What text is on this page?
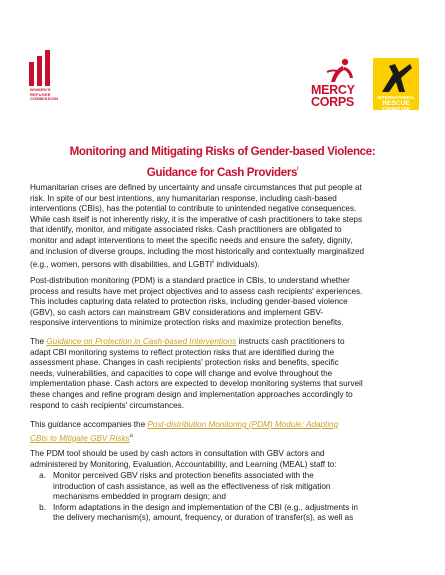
WOMEN'S
REFUGEE
COMMISSION
MERCY
CORPS	INTERNATIONAL
RESCUE
COMMITTEE
Monitoring and Mitigating Risks of Gender-based Violence:
Guidance for Cash Providers$^i$
Humanitarian crises are defined by uncertainty and unsafe circumstances that put people at
risk. In spite of our best intentions, any humanitarian response, including cash-based
interventions (CBIs), has the potential to contribute to unintended negative consequences.
While cash itself is not inherently risky, it is the imperative of cash practitioners to take steps
that identify, monitor, and mitigate associated risks. Cash practitioners are obligated to
monitor and adapt interventions to meet the specific needs and ensure the safety, dignity,
and inclusion of diverse groups, including the most historically and contextually marginalized
(e.g., women, persons with disabilities, and LGBTI$^{ii}$ individuals).
Post-distribution monitoring (PDM) is a standard practice in CBIs, to understand whether
process and results have met project objectives and to assess cash recipients' experiences.
This includes capturing data related to protection risks, including gender-based violence
(GBV), so cash actors can mainstream GBV considerations and implement GBV-
responsive interventions to minimize protection risks and maximize protection benefits.
The Guidance on Protection in Cash-based Interventions instructs cash practitioners to
adapt CBI monitoring systems to reflect protection risks that are identified during the
assessment phase. Changes in cash recipients' protection risks and benefits, specific
needs, vulnerabilities, and capacities to cope will change and evolve throughout the
implementation phase. Cash actors are expected to develop monitoring systems that surveil
these changes and refine program design and implementation approaches accordingly to
respond to cash recipients' circumstances.
This guidance accompanies the Post-distribution Monitoring (PDM) Module: Adapting
CBIs to Mitigate GBV Risks$^{iii}$
The PDM tool should be used by cash actors in consultation with GBV actors and
administered by Monitoring, Evaluation, Accountability, and Learning (MEAL) staff to:
a. Monitor perceived GBV risks and protection benefits associated with the
introduction of cash assistance, as well as the effectiveness of risk mitigation
mechanisms embedded in program design; and
b. Inform adaptations in the design and implementation of the CBI (e.g., adjustments in
the delivery mechanism(s), amount, frequency, or duration of transfer(s), as well as
